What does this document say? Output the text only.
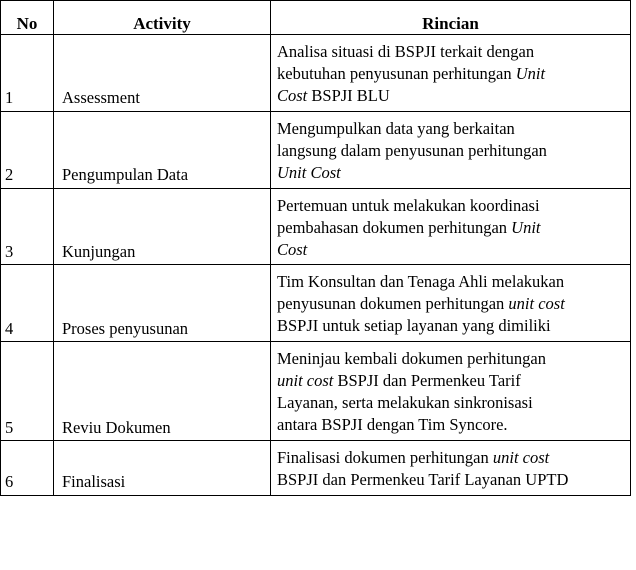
No	Activity	Rincian
1	Assessment	Analisa situasi di BSPJI terkait dengan
kebutuhan penyusunan perhitungan Unit
Cost BSPJI BLU

2	Pengumpulan Data	Mengumpulkan data yang berkaitan
langsung dalam penyusunan perhitungan
Unit Cost

3	Kunjungan	Pertemuan untuk melakukan koordinasi
pembahasan dokumen perhitungan Unit
Cost

4	Proses penyusunan	Tim Konsultan dan Tenaga Ahli melakukan
penyusunan dokumen perhitungan unit cost
BSPJI untuk setiap layanan yang dimiliki

5	Reviu Dokumen	Meninjau kembali dokumen perhitungan
unit cost BSPJI dan Permenkeu Tarif
Layanan, serta melakukan sinkronisasi
antara BSPJI dengan Tim Syncore.

6	Finalisasi	Finalisasi dokumen perhitungan unit cost
BSPJI dan Permenkeu Tarif Layanan UPTD
